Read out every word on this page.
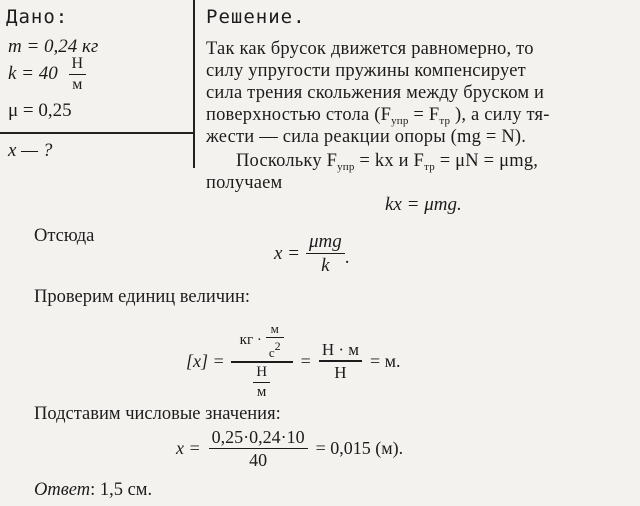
Дано:
m = 0,24 кг
$k = 40 \frac{Н}{м}$
μ = 0,25
x — ?
Решение.
Так как брусок движется равномерно, то
силу упругости пружины компенсирует
сила трения скольжения между бруском и
поверхностью стола ($F_{упр} = F_{тр}$ ), а силу тя-
жести — сила реакции опоры (mg = N).
Поскольку $F_{упр}$ = kx и $F_{тр} = \mu N = \mu mg$,
получаем
kx = μmg.
Отсюда
$x = \frac{\text{μmg}}{k}$ .
Проверим единиц величин:
$[x] = \frac{кг \cdot \frac{м}{с2}}{\frac{Н}{м}} = \frac{Н \cdot м}{Н} = м$.
Подставим числовые значения:
$x = \frac{0,25\cdot 0,24\cdot 10}{40} = 0,015$ (м).
Ответ: 1,5 см.
